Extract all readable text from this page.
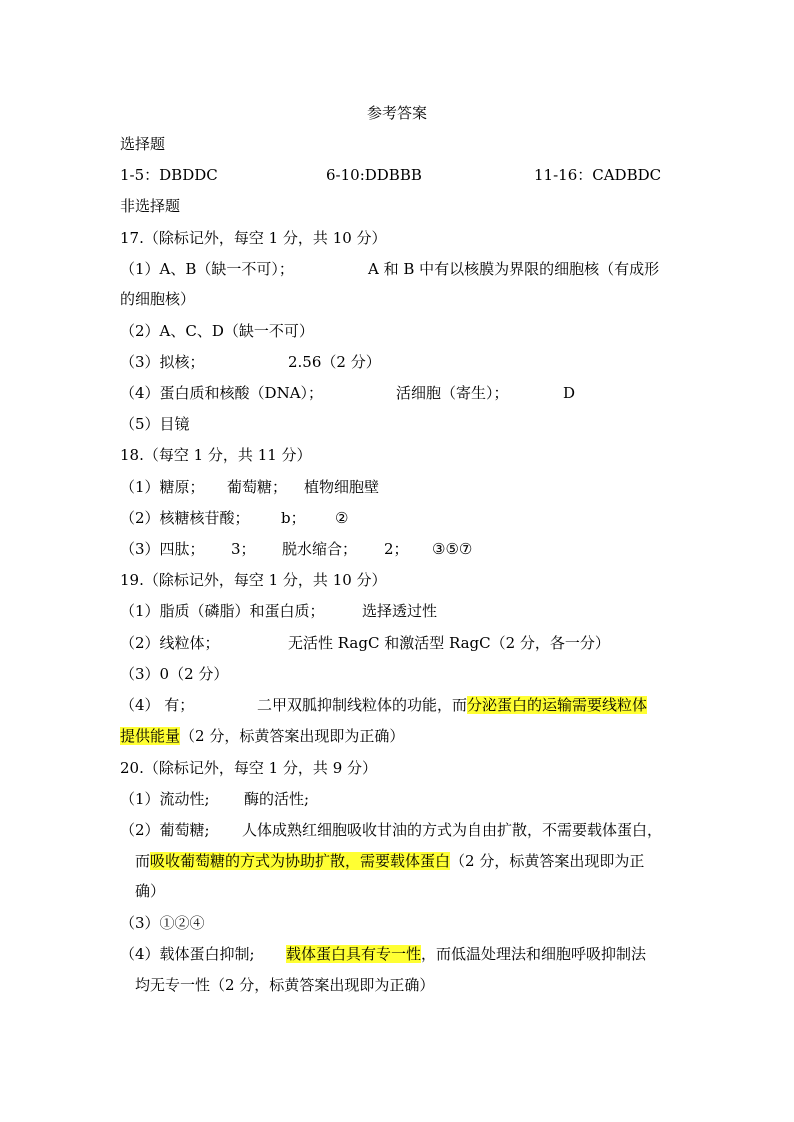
参考答案
选择题
1-5：DBDDC	6-10:DDBBB	11-16：CADBDC
非选择题
17.（除标记外，每空 1 分，共 10 分）
（1）A、B（缺一不可）；	A 和 B 中有以核膜为界限的细胞核（有成形
的细胞核）
（2）A、C、D（缺一不可）
（3）拟核；	2.56（2 分）
（4）蛋白质和核酸（DNA）；	活细胞（寄生）；	D
（5）目镜
18.（每空 1 分，共 11 分）
（1）糖原； 葡萄糖； 植物细胞壁
（2）核糖核苷酸； b； ②
（3）四肽； 3； 脱水缩合； 2； ③⑤⑦
19.（除标记外，每空 1 分，共 10 分）
（1）脂质（磷脂）和蛋白质； 选择透过性
（2）线粒体；	无活性 RagC 和激活型 RagC（2 分，各一分）
（3）0（2 分）
（4） 有；	二甲双胍抑制线粒体的功能，而分泌蛋白的运输需要线粒体
提供能量（2 分，标黄答案出现即为正确）
20.（除标记外，每空 1 分，共 9 分）
（1）流动性; 酶的活性;
（2）葡萄糖; 人体成熟红细胞吸收甘油的方式为自由扩散，不需要载体蛋白，
而吸收葡萄糖的方式为协助扩散，需要载体蛋白（2 分，标黄答案出现即为正
确）
（3）①②④
（4）载体蛋白抑制; 载体蛋白具有专一性，而低温处理法和细胞呼吸抑制法
均无专一性（2 分，标黄答案出现即为正确）
